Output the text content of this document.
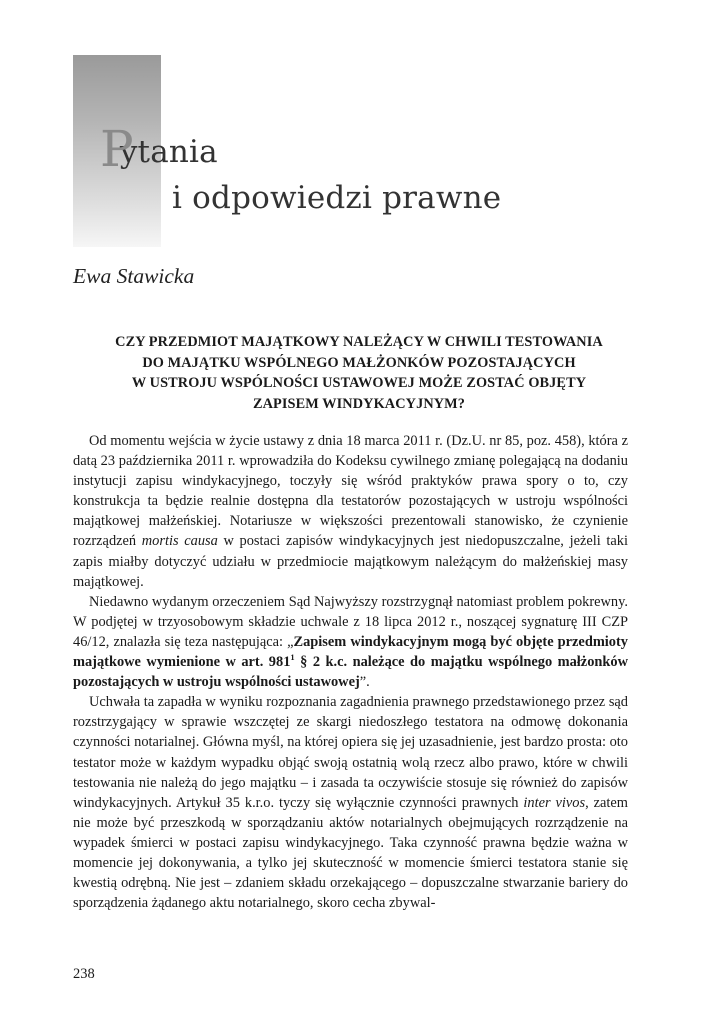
Pytania
i odpowiedzi prawne

Ewa Stawicka

CZY PRZEDMIOT MAJĄTKOWY NALEŻĄCY W CHWILI TESTOWANIA
DO MAJĄTKU WSPÓLNEGO MAŁŻONKÓW POZOSTAJĄCYCH
W USTROJU WSPÓLNOŚCI USTAWOWEJ MOŻE ZOSTAĆ OBJĘTY
ZAPISEM WINDYKACYJNYM?

Od momentu wejścia w życie ustawy z dnia 18 marca 2011 r. (Dz.U. nr 85, poz. 458), która z datą 23 października 2011 r. wprowadziła do Kodeksu cywilnego zmianę polegającą na dodaniu instytucji zapisu windykacyjnego, toczyły się wśród praktyków prawa spory o to, czy konstrukcja ta będzie realnie dostępna dla testatorów pozostających w ustroju wspólności majątkowej małżeńskiej. Notariusze w większości prezentowali stanowisko, że czynienie rozrządzeń mortis causa w postaci zapisów windykacyjnych jest niedopuszczalne, jeżeli taki zapis miałby dotyczyć udziału w przedmiocie majątkowym należącym do małżeńskiej masy majątkowej.

Niedawno wydanym orzeczeniem Sąd Najwyższy rozstrzygnął natomiast problem pokrewny. W podjętej w trzyosobowym składzie uchwale z 18 lipca 2012 r., noszącej sygnaturę III CZP 46/12, znalazła się teza następująca: „Zapisem windykacyjnym mogą być objęte przedmioty majątkowe wymienione w art. $981^1$ § 2 k.c. należące do majątku wspólnego małżonków pozostających w ustroju wspólności ustawowej”.

Uchwała ta zapadła w wyniku rozpoznania zagadnienia prawnego przedstawionego przez sąd rozstrzygający w sprawie wszczętej ze skargi niedoszłego testatora na odmowę dokonania czynności notarialnej. Główna myśl, na której opiera się jej uzasadnienie, jest bardzo prosta: oto testator może w każdym wypadku objąć swoją ostatnią wolą rzecz albo prawo, które w chwili testowania nie należą do jego majątku – i zasada ta oczywiście stosuje się również do zapisów windykacyjnych. Artykuł 35 k.r.o. tyczy się wyłącznie czynności prawnych inter vivos, zatem nie może być przeszkodą w sporządzaniu aktów notarialnych obejmujących rozrządzenie na wypadek śmierci w postaci zapisu windykacyjnego. Taka czynność prawna będzie ważna w momencie jej dokonywania, a tylko jej skuteczność w momencie śmierci testatora stanie się kwestią odrębną. Nie jest – zdaniem składu orzekającego – dopuszczalne stwarzanie bariery do sporządzenia żądanego aktu notarialnego, skoro cecha zbywal-

238
